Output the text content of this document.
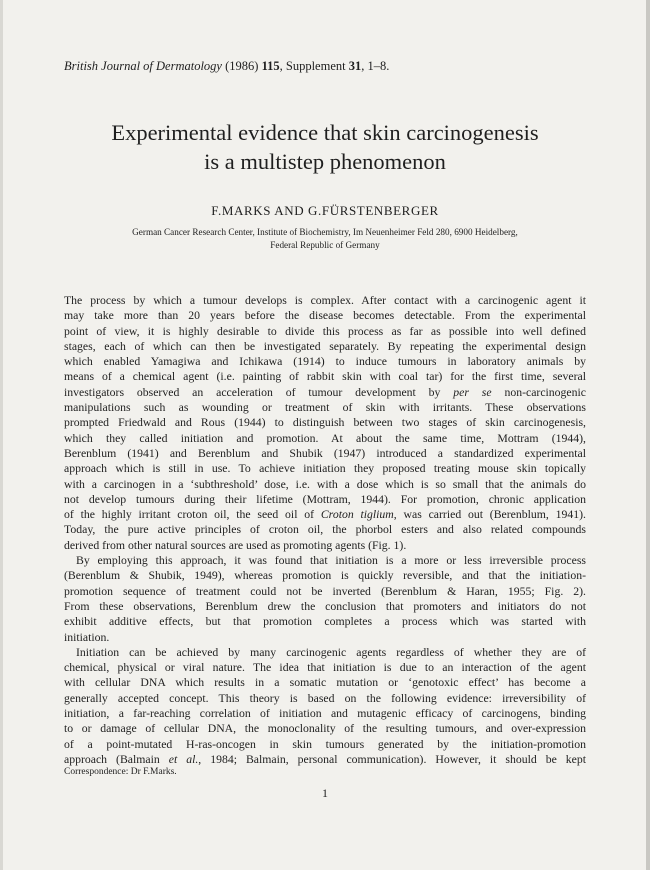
British Journal of Dermatology (1986) 115, Supplement 31, 1–8.
Experimental evidence that skin carcinogenesis
is a multistep phenomenon
F.MARKS AND G.FÜRSTENBERGER
German Cancer Research Center, Institute of Biochemistry, Im Neuenheimer Feld 280, 6900 Heidelberg,
Federal Republic of Germany
The process by which a tumour develops is complex. After contact with a carcinogenic agent it
may take more than 20 years before the disease becomes detectable. From the experimental
point of view, it is highly desirable to divide this process as far as possible into well defined
stages, each of which can then be investigated separately. By repeating the experimental design
which enabled Yamagiwa and Ichikawa (1914) to induce tumours in laboratory animals by
means of a chemical agent (i.e. painting of rabbit skin with coal tar) for the first time, several
investigators observed an acceleration of tumour development by per se non-carcinogenic
manipulations such as wounding or treatment of skin with irritants. These observations
prompted Friedwald and Rous (1944) to distinguish between two stages of skin carcinogenesis,
which they called initiation and promotion. At about the same time, Mottram (1944),
Berenblum (1941) and Berenblum and Shubik (1947) introduced a standardized experimental
approach which is still in use. To achieve initiation they proposed treating mouse skin topically
with a carcinogen in a ‘subthreshold’ dose, i.e. with a dose which is so small that the animals do
not develop tumours during their lifetime (Mottram, 1944). For promotion, chronic application
of the highly irritant croton oil, the seed oil of Croton tiglium, was carried out (Berenblum, 1941).
Today, the pure active principles of croton oil, the phorbol esters and also related compounds
derived from other natural sources are used as promoting agents (Fig. 1).
By employing this approach, it was found that initiation is a more or less irreversible process
(Berenblum & Shubik, 1949), whereas promotion is quickly reversible, and that the initiation-
promotion sequence of treatment could not be inverted (Berenblum & Haran, 1955; Fig. 2).
From these observations, Berenblum drew the conclusion that promoters and initiators do not
exhibit additive effects, but that promotion completes a process which was started with
initiation.
Initiation can be achieved by many carcinogenic agents regardless of whether they are of
chemical, physical or viral nature. The idea that initiation is due to an interaction of the agent
with cellular DNA which results in a somatic mutation or ‘genotoxic effect’ has become a
generally accepted concept. This theory is based on the following evidence: irreversibility of
initiation, a far-reaching correlation of initiation and mutagenic efficacy of carcinogens, binding
to or damage of cellular DNA, the monoclonality of the resulting tumours, and over-expression
of a point-mutated H-ras-oncogen in skin tumours generated by the initiation-promotion
approach (Balmain et al., 1984; Balmain, personal communication). However, it should be kept
Correspondence: Dr F.Marks.
1
